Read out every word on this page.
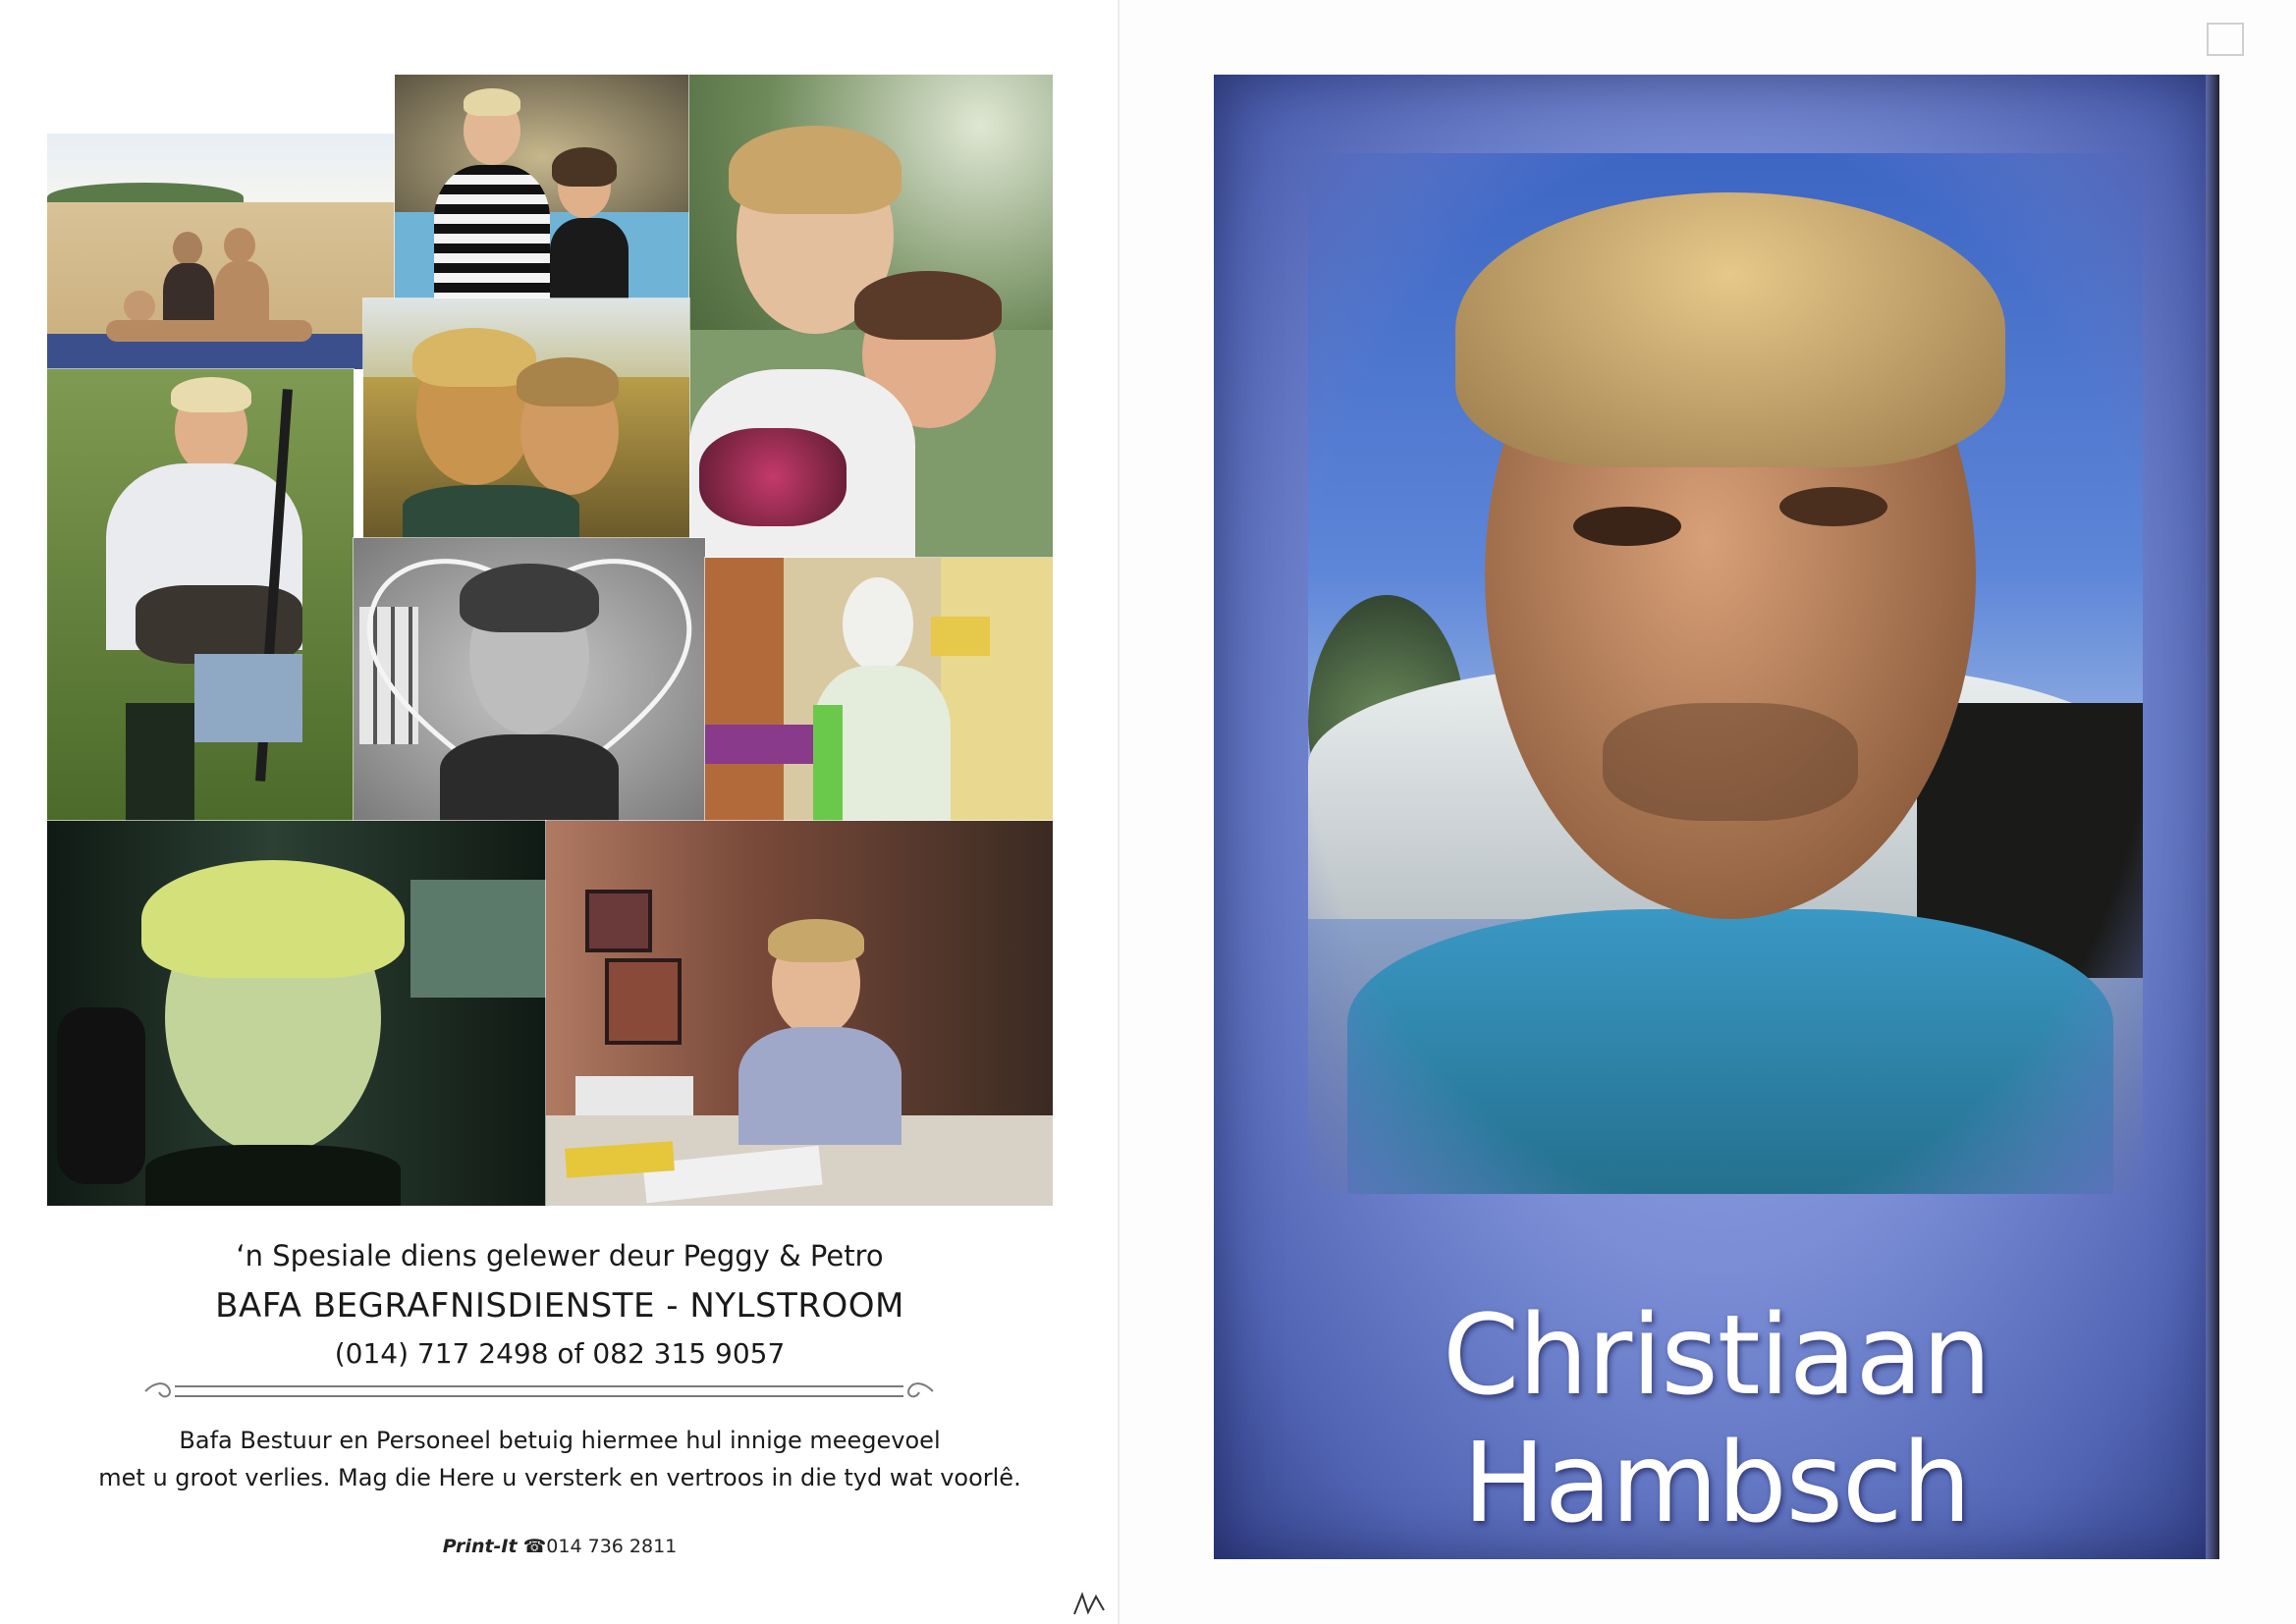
‘n Spesiale diens gelewer deur Peggy & Petro
BAFA BEGRAFNISDIENSTE - NYLSTROOM
(014) 717 2498 of 082 315 9057
Bafa Bestuur en Personeel betuig hiermee hul innige meegevoel
met u groot verlies. Mag die Here u versterk en vertroos in die tyd wat voorlê.
Print-It ☎014 736 2811
Christiaan Hambsch
